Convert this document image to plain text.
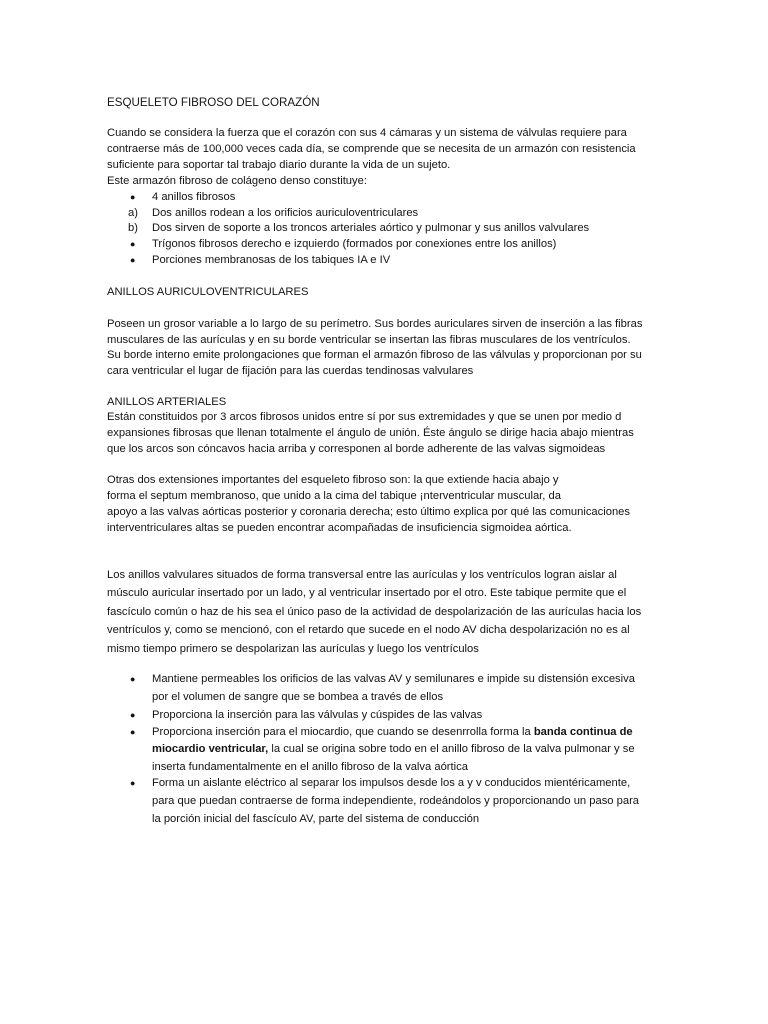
ESQUELETO FIBROSO DEL CORAZÓN
Cuando se considera la fuerza que el corazón con sus 4 cámaras y un sistema de válvulas requiere para
contraerse más de 100,000 veces cada día, se comprende que se necesita de un armazón con resistencia
suficiente para soportar tal trabajo diario durante la vida de un sujeto.
Este armazón fibroso de colágeno denso constituye:
● 4 anillos fibrosos
a) Dos anillos rodean a los orificios auriculoventriculares
b) Dos sirven de soporte a los troncos arteriales aórtico y pulmonar y sus anillos valvulares
● Trígonos fibrosos derecho e izquierdo (formados por conexiones entre los anillos)
● Porciones membranosas de los tabiques IA e IV
ANILLOS AURICULOVENTRICULARES
Poseen un grosor variable a lo largo de su perímetro. Sus bordes auriculares sirven de inserción a las fibras
musculares de las aurículas y en su borde ventricular se insertan las fibras musculares de los ventrículos.
Su borde interno emite prolongaciones que forman el armazón fibroso de las válvulas y proporcionan por su
cara ventricular el lugar de fijación para las cuerdas tendinosas valvulares
ANILLOS ARTERIALES
Están constituidos por 3 arcos fibrosos unidos entre sí por sus extremidades y que se unen por medio d
expansiones fibrosas que llenan totalmente el ángulo de unión. Éste ángulo se dirige hacia abajo mientras
que los arcos son cóncavos hacia arriba y corresponen al borde adherente de las valvas sigmoideas
Otras dos extensiones importantes del esqueleto fibroso son: la que extiende hacia abajo y
forma el septum membranoso, que unido a la cima del tabique ¡nterventricular muscular, da
apoyo a las valvas aórticas posterior y coronaria derecha; esto último explica por qué las comunicaciones
interventriculares altas se pueden encontrar acompañadas de insuficiencia sigmoidea aórtica.
Los anillos valvulares situados de forma transversal entre las aurículas y los ventrículos logran aislar al
músculo auricular insertado por un lado, y al ventricular insertado por el otro. Este tabique permite que el
fascículo común o haz de his sea el único paso de la actividad de despolarización de las aurículas hacia los
ventrículos y, como se mencionó, con el retardo que sucede en el nodo AV dicha despolarización no es al
mismo tiempo primero se despolarizan las aurículas y luego los ventrículos
● Mantiene permeables los orificios de las valvas AV y semilunares e impide su distensión excesiva
por el volumen de sangre que se bombea a través de ellos
● Proporciona la inserción para las válvulas y cúspides de las valvas
● Proporciona inserción para el miocardio, que cuando se desenrrolla forma la banda continua de
miocardio ventricular, la cual se origina sobre todo en el anillo fibroso de la valva pulmonar y se
inserta fundamentalmente en el anillo fibroso de la valva aórtica
● Forma un aislante eléctrico al separar los impulsos desde los a y v conducidos mientéricamente,
para que puedan contraerse de forma independiente, rodeándolos y proporcionando un paso para
la porción inicial del fascículo AV, parte del sistema de conducción
